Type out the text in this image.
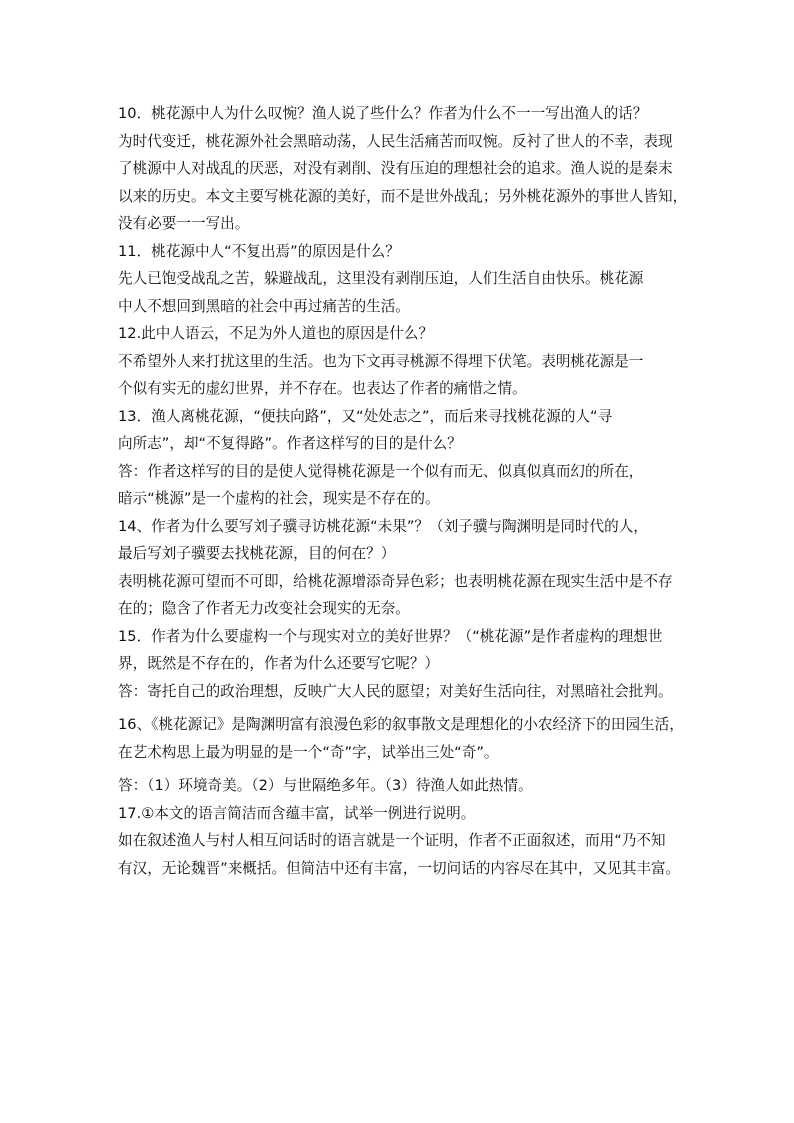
10．桃花源中人为什么叹惋？渔人说了些什么？作者为什么不一一写出渔人的话？
为时代变迁，桃花源外社会黑暗动荡，人民生活痛苦而叹惋。反衬了世人的不幸，表现
了桃源中人对战乱的厌恶，对没有剥削、没有压迫的理想社会的追求。渔人说的是秦末
以来的历史。本文主要写桃花源的美好，而不是世外战乱；另外桃花源外的事世人皆知，
没有必要一一写出。
11．桃花源中人“不复出焉”的原因是什么？
先人已饱受战乱之苦，躲避战乱，这里没有剥削压迫，人们生活自由快乐。桃花源
中人不想回到黑暗的社会中再过痛苦的生活。
12.此中人语云，不足为外人道也的原因是什么？
不希望外人来打扰这里的生活。也为下文再寻桃源不得埋下伏笔。表明桃花源是一
个似有实无的虚幻世界，并不存在。也表达了作者的痛惜之情。
13．渔人离桃花源，“便扶向路”，又“处处志之”，而后来寻找桃花源的人“寻
向所志”，却“不复得路”。作者这样写的目的是什么？
答：作者这样写的目的是使人觉得桃花源是一个似有而无、似真似真而幻的所在，
暗示“桃源”是一个虚构的社会，现实是不存在的。
14、作者为什么要写刘子骥寻访桃花源“未果”？（刘子骥与陶渊明是同时代的人，
最后写刘子骥要去找桃花源，目的何在？）
表明桃花源可望而不可即，给桃花源增添奇异色彩；也表明桃花源在现实生活中是不存
在的；隐含了作者无力改变社会现实的无奈。
15．作者为什么要虚构一个与现实对立的美好世界？（“桃花源”是作者虚构的理想世
界，既然是不存在的，作者为什么还要写它呢？）
答：寄托自己的政治理想，反映广大人民的愿望；对美好生活向往，对黑暗社会批判。
16、《桃花源记》是陶渊明富有浪漫色彩的叙事散文是理想化的小农经济下的田园生活，
在艺术构思上最为明显的是一个“奇”字，试举出三处“奇”。
答：（1）环境奇美。（2）与世隔绝多年。（3）待渔人如此热情。
17.①本文的语言简洁而含蕴丰富，试举一例进行说明。
如在叙述渔人与村人相互问话时的语言就是一个证明，作者不正面叙述，而用“乃不知
有汉，无论魏晋”来概括。但简洁中还有丰富，一切问话的内容尽在其中，又见其丰富。
